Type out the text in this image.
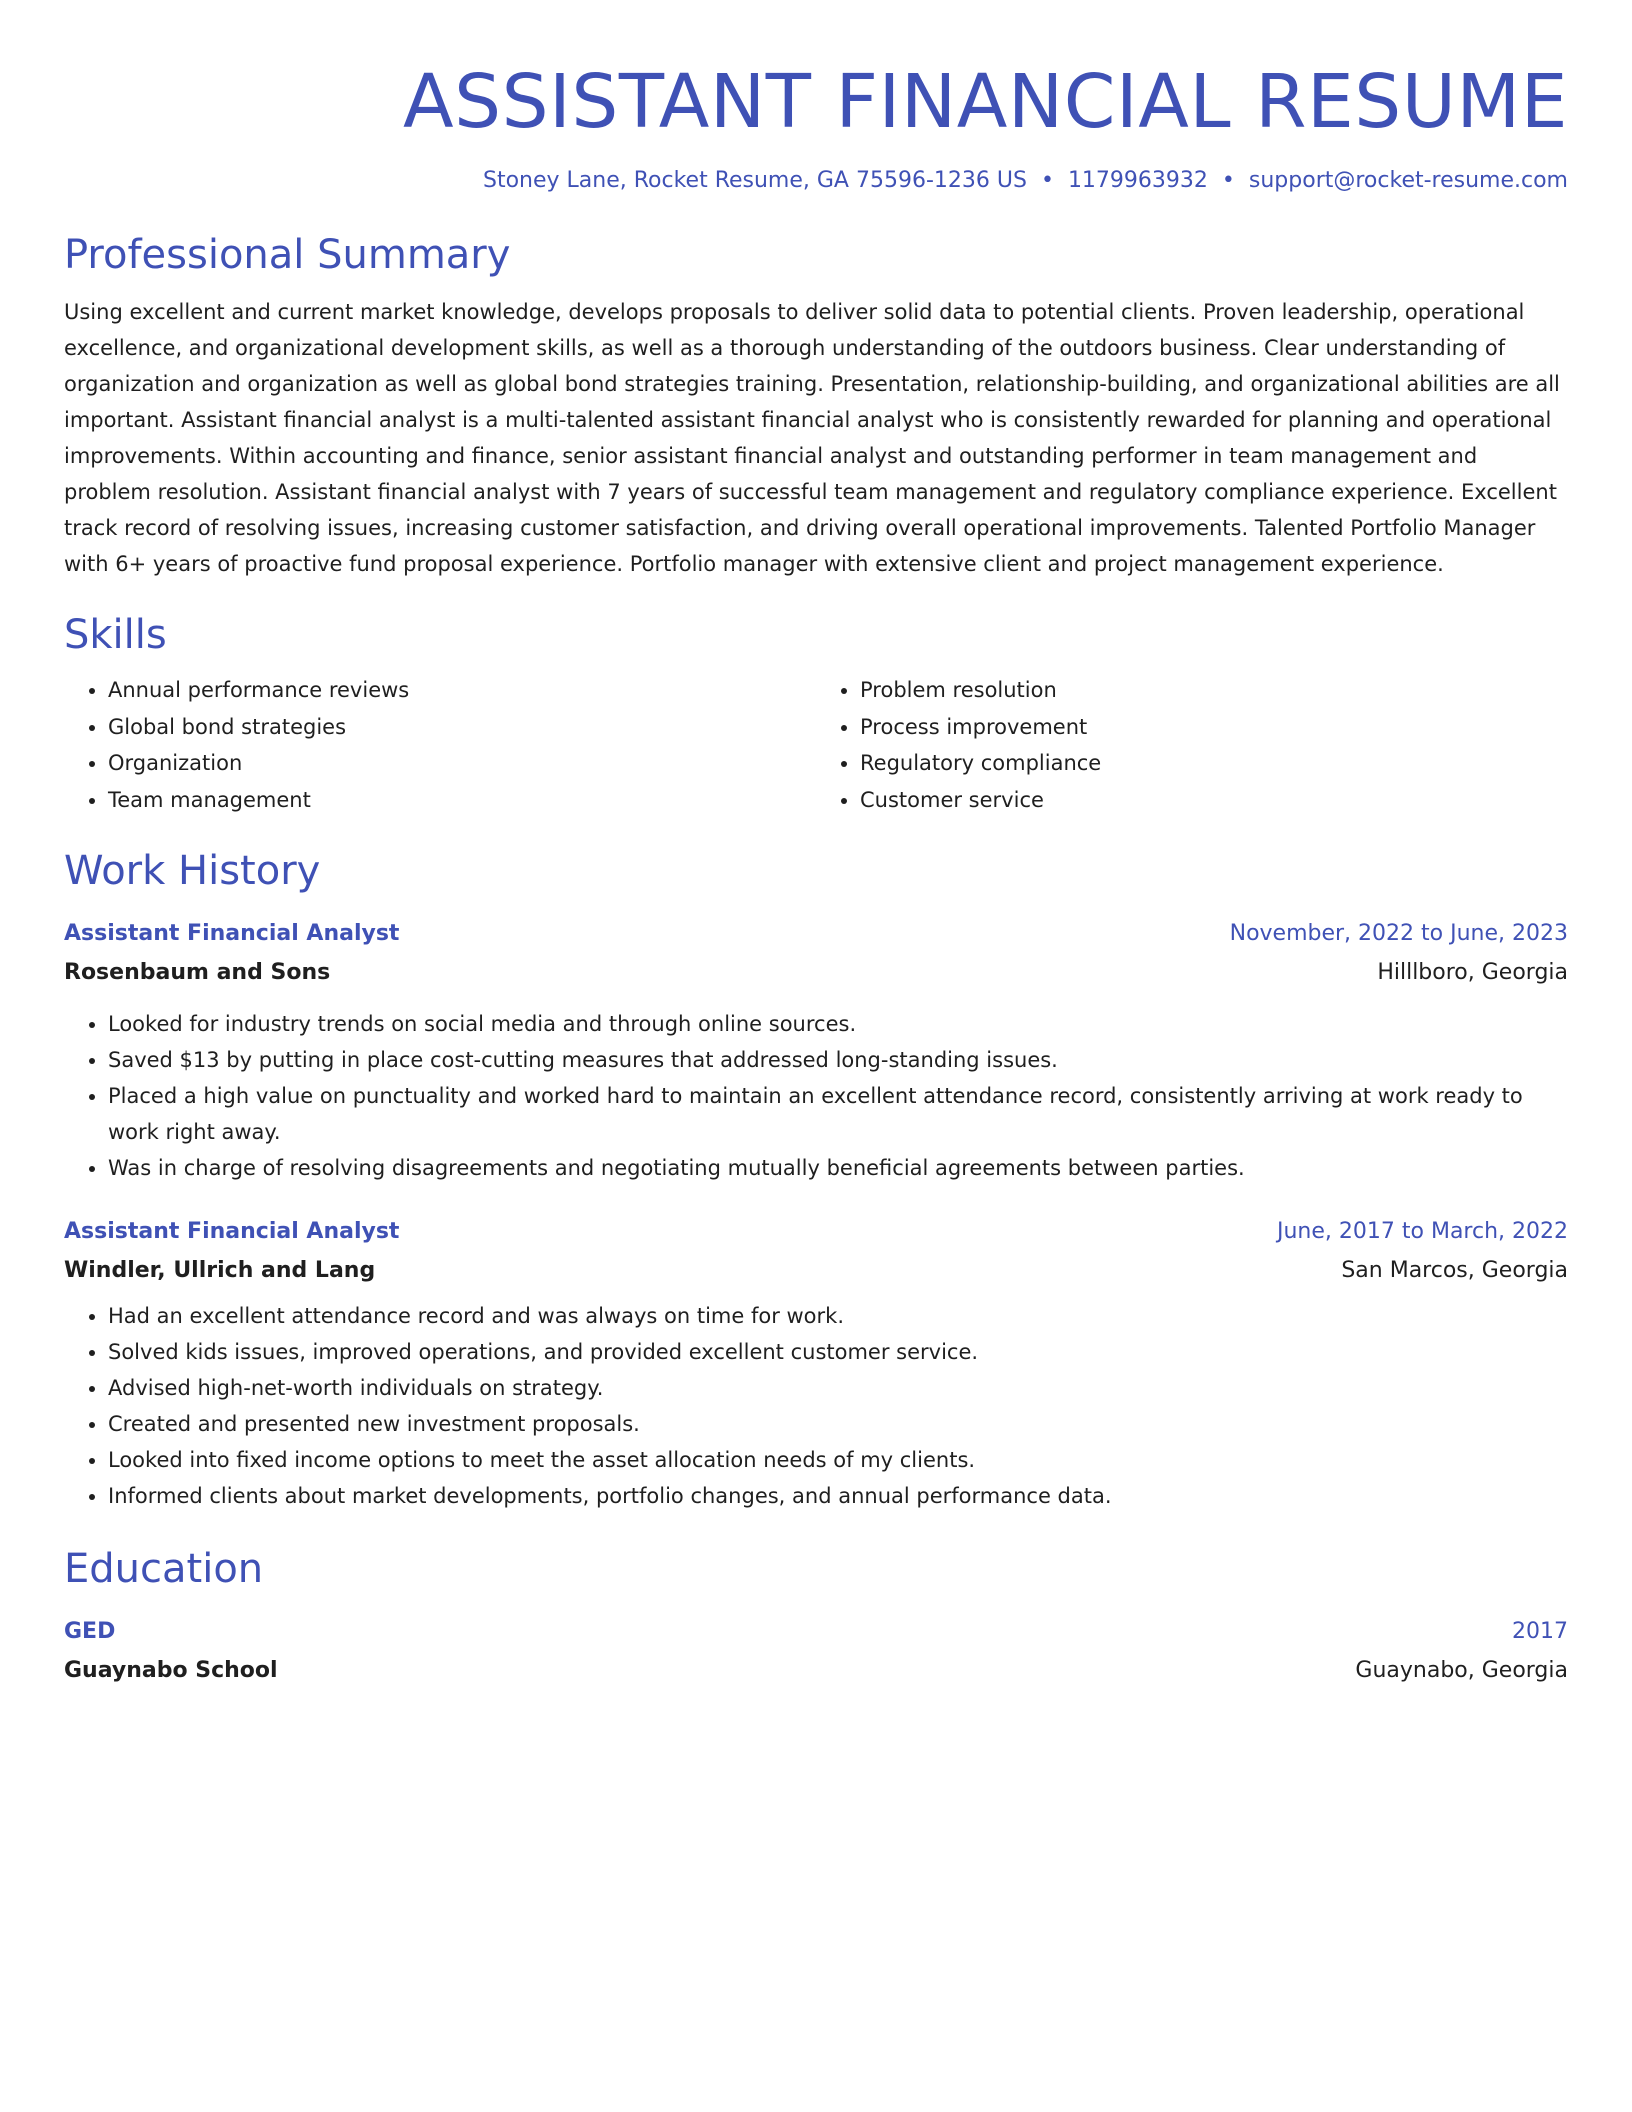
ASSISTANT FINANCIAL RESUME
Stoney Lane, Rocket Resume, GA 75596-1236 US • 1179963932 • support@rocket-resume.com
Professional Summary

Using excellent and current market knowledge, develops proposals to deliver solid data to potential clients. Proven leadership, operational excellence, and organizational development skills, as well as a thorough understanding of the outdoors business. Clear understanding of organization and organization as well as global bond strategies training. Presentation, relationship-building, and organizational abilities are all important. Assistant financial analyst is a multi-talented assistant financial analyst who is consistently rewarded for planning and operational improvements. Within accounting and finance, senior assistant financial analyst and outstanding performer in team management and problem resolution. Assistant financial analyst with 7 years of successful team management and regulatory compliance experience. Excellent track record of resolving issues, increasing customer satisfaction, and driving overall operational improvements. Talented Portfolio Manager with 6+ years of proactive fund proposal experience. Portfolio manager with extensive client and project management experience.

Skills
• Annual performance reviews
• Global bond strategies
• Organization
• Team management
• Problem resolution
• Process improvement
• Regulatory compliance
• Customer service
Work History
Assistant Financial Analyst	November, 2022 to June, 2023
Rosenbaum and Sons	Hilllboro, Georgia
• Looked for industry trends on social media and through online sources.
• Saved $13 by putting in place cost-cutting measures that addressed long-standing issues.
• Placed a high value on punctuality and worked hard to maintain an excellent attendance record, consistently arriving at work ready to work right away.
• Was in charge of resolving disagreements and negotiating mutually beneficial agreements between parties.
Assistant Financial Analyst	June, 2017 to March, 2022
Windler, Ullrich and Lang	San Marcos, Georgia
• Had an excellent attendance record and was always on time for work.
• Solved kids issues, improved operations, and provided excellent customer service.
• Advised high-net-worth individuals on strategy.
• Created and presented new investment proposals.
• Looked into fixed income options to meet the asset allocation needs of my clients.
• Informed clients about market developments, portfolio changes, and annual performance data.
Education
GED	2017
Guaynabo School	Guaynabo, Georgia
